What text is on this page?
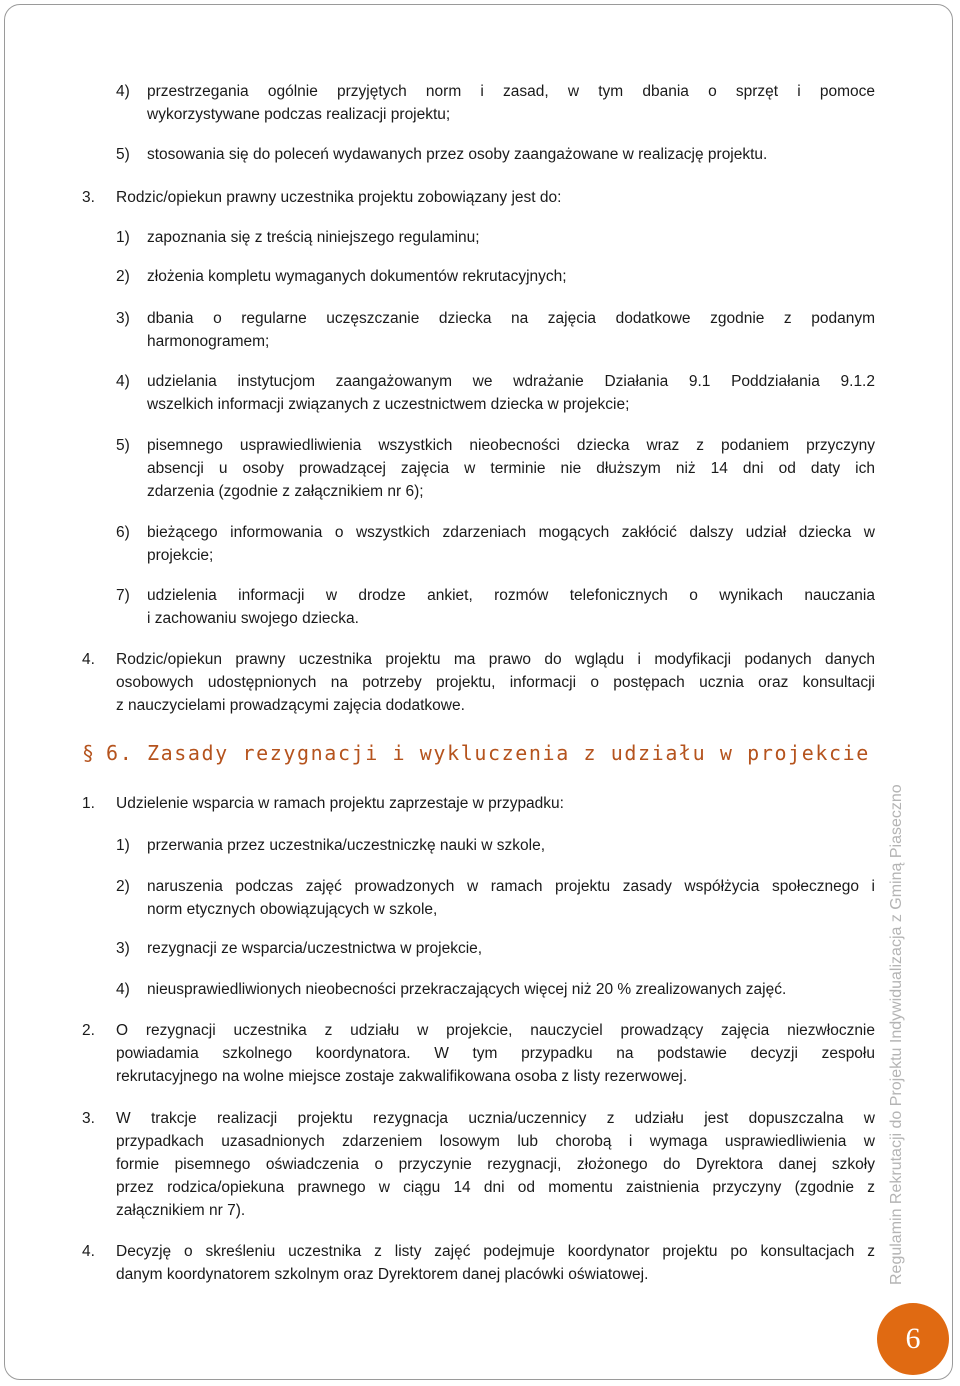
4) przestrzegania ogólnie przyjętych norm i zasad, w tym dbania o sprzęt i pomoce
wykorzystywane podczas realizacji projektu;
5) stosowania się do poleceń wydawanych przez osoby zaangażowane w realizację projektu.
3. Rodzic/opiekun prawny uczestnika projektu zobowiązany jest do:
1) zapoznania się z treścią niniejszego regulaminu;
2) złożenia kompletu wymaganych dokumentów rekrutacyjnych;
3) dbania o regularne uczęszczanie dziecka na zajęcia dodatkowe zgodnie z podanym
harmonogramem;
4) udzielania instytucjom zaangażowanym we wdrażanie Działania 9.1 Poddziałania 9.1.2
wszelkich informacji związanych z uczestnictwem dziecka w projekcie;
5) pisemnego usprawiedliwienia wszystkich nieobecności dziecka wraz z podaniem przyczyny
absencji u osoby prowadzącej zajęcia w terminie nie dłuższym niż 14 dni od daty ich
zdarzenia (zgodnie z załącznikiem nr 6);
6) bieżącego informowania o wszystkich zdarzeniach mogących zakłócić dalszy udział dziecka w
projekcie;
7) udzielenia informacji w drodze ankiet, rozmów telefonicznych o wynikach nauczania
i zachowaniu swojego dziecka.
4. Rodzic/opiekun prawny uczestnika projektu ma prawo do wglądu i modyfikacji podanych danych
osobowych udostępnionych na potrzeby projektu, informacji o postępach ucznia oraz konsultacji
z nauczycielami prowadzącymi zajęcia dodatkowe.
§ 6. Zasady rezygnacji i wykluczenia z udziału w projekcie
1. Udzielenie wsparcia w ramach projektu zaprzestaje w przypadku:
1) przerwania przez uczestnika/uczestniczkę nauki w szkole,
2) naruszenia podczas zajęć prowadzonych w ramach projektu zasady współżycia społecznego i
norm etycznych obowiązujących w szkole,
3) rezygnacji ze wsparcia/uczestnictwa w projekcie,
4) nieusprawiedliwionych nieobecności przekraczających więcej niż 20 % zrealizowanych zajęć.
2. O rezygnacji uczestnika z udziału w projekcie, nauczyciel prowadzący zajęcia niezwłocznie
powiadamia szkolnego koordynatora. W tym przypadku na podstawie decyzji zespołu
rekrutacyjnego na wolne miejsce zostaje zakwalifikowana osoba z listy rezerwowej.
3. W trakcje realizacji projektu rezygnacja ucznia/uczennicy z udziału jest dopuszczalna w
przypadkach uzasadnionych zdarzeniem losowym lub chorobą i wymaga usprawiedliwienia w
formie pisemnego oświadczenia o przyczynie rezygnacji, złożonego do Dyrektora danej szkoły
przez rodzica/opiekuna prawnego w ciągu 14 dni od momentu zaistnienia przyczyny (zgodnie z
załącznikiem nr 7).
4. Decyzję o skreśleniu uczestnika z listy zajęć podejmuje koordynator projektu po konsultacjach z
danym koordynatorem szkolnym oraz Dyrektorem danej placówki oświatowej.	Regulamin Rekrutacji do Projektu Indywidualizacja z Gminą Piaseczno
6
